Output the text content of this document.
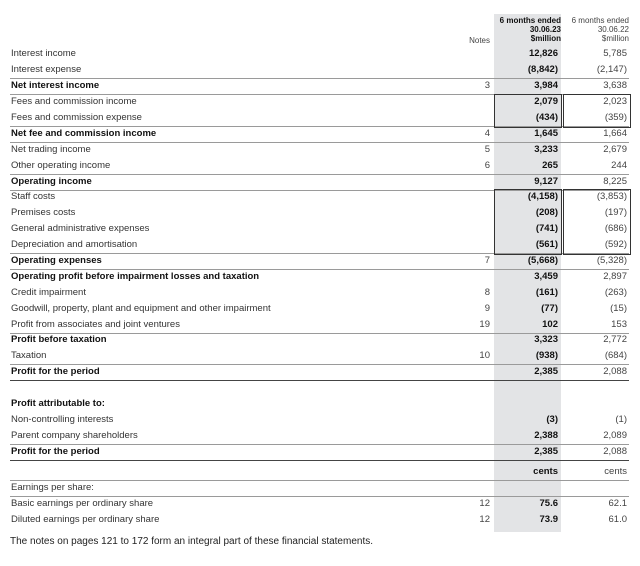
6 months ended
30.06.23
$million
6 months ended
30.06.22
$million
Notes
Interest income	12,826	5,785
Interest expense	(8,842)	(2,147)
Net interest income	3	3,984	3,638
Fees and commission income	2,079	2,023
Fees and commission expense	(434)	(359)
Net fee and commission income	4	1,645	1,664
Net trading income	5	3,233	2,679
Other operating income	6	265	244
Operating income	9,127	8,225
Staff costs	(4,158)	(3,853)
Premises costs	(208)	(197)
General administrative expenses	(741)	(686)
Depreciation and amortisation	(561)	(592)
Operating expenses	7	(5,668)	(5,328)
Operating profit before impairment losses and taxation	3,459	2,897
Credit impairment	8	(161)	(263)
Goodwill, property, plant and equipment and other impairment	9	(77)	(15)
Profit from associates and joint ventures	19	102	153
Profit before taxation	3,323	2,772
Taxation	10	(938)	(684)
Profit for the period	2,385	2,088
Profit attributable to:
Non-controlling interests	(3)	(1)
Parent company shareholders	2,388	2,089
Profit for the period	2,385	2,088
cents	cents
Earnings per share:
Basic earnings per ordinary share	12	75.6	62.1
Diluted earnings per ordinary share	12	73.9	61.0
The notes on pages 121 to 172 form an integral part of these financial statements.
